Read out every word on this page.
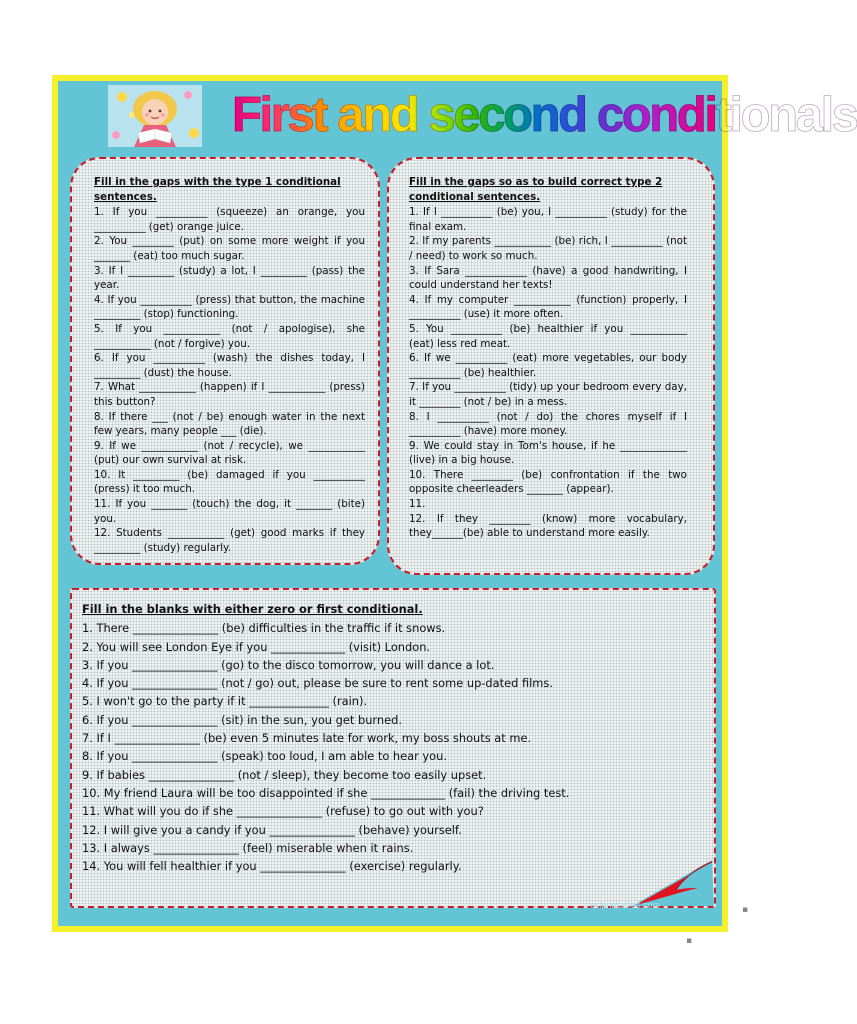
First and second conditionals

Fill in the gaps with the type 1 conditional sentences.

1. If you __________ (squeeze) an orange, you __________ (get) orange juice.

2. You ________ (put) on some more weight if you _______ (eat) too much sugar.

3. If I _________ (study) a lot, I _________ (pass) the year.

4. If you __________ (press) that button, the machine _________ (stop) functioning.

5. If you ___________ (not / apologise), she ___________ (not / forgive) you.

6. If you __________ (wash) the dishes today, I _________ (dust) the house.

7. What ___________ (happen) if I ___________ (press) this button?

8. If there ___ (not / be) enough water in the next few years, many people ___ (die).

9. If we ___________ (not / recycle), we ___________ (put) our own survival at risk.

10. It _________ (be) damaged if you __________ (press) it too much.

11. If you _______ (touch) the dog, it _______ (bite) you.

12. Students ___________ (get) good marks if they _________ (study) regularly.

Fill in the gaps so as to build correct type 2 conditional sentences.

1. If I __________ (be) you, I __________ (study) for the final exam.

2. If my parents ___________ (be) rich, I __________ (not / need) to work so much.

3. If Sara ____________ (have) a good handwriting, I could understand her texts!

4. If my computer ___________ (function) properly, I __________ (use) it more often.

5. You __________ (be) healthier if you ___________ (eat) less red meat.

6. If we __________ (eat) more vegetables, our body __________ (be) healthier.

7. If you __________ (tidy) up your bedroom every day, it ________ (not / be) in a mess.

8. I __________ (not / do) the chores myself if I __________ (have) more money.

9. We could stay in Tom's house, if he _____________ (live) in a big house.

10. There ________ (be) confrontation if the two opposite cheerleaders _______ (appear).

11.

12. If they ________ (know) more vocabulary, they______(be) able to understand more easily.

Fill in the blanks with either zero or first conditional.

1. There _______________ (be) difficulties in the traffic if it snows.

2. You will see London Eye if you _____________ (visit) London.

3. If you _______________ (go) to the disco tomorrow, you will dance a lot.

4. If you _______________ (not / go) out, please be sure to rent some up-dated films.

5. I won't go to the party if it ______________ (rain).

6. If you _______________ (sit) in the sun, you get burned.

7. If I _______________ (be) even 5 minutes late for work, my boss shouts at me.

8. If you _______________ (speak) too loud, I am able to hear you.

9. If babies _______________ (not / sleep), they become too easily upset.

10. My friend Laura will be too disappointed if she _____________ (fail) the driving test.

11. What will you do if she _______________ (refuse) to go out with you?

12. I will give you a candy if you _______________ (behave) yourself.

13. I always _______________ (feel) miserable when it rains.

14. You will fell healthier if you _______________ (exercise) regularly.

eslprintables.com	▪
▪
